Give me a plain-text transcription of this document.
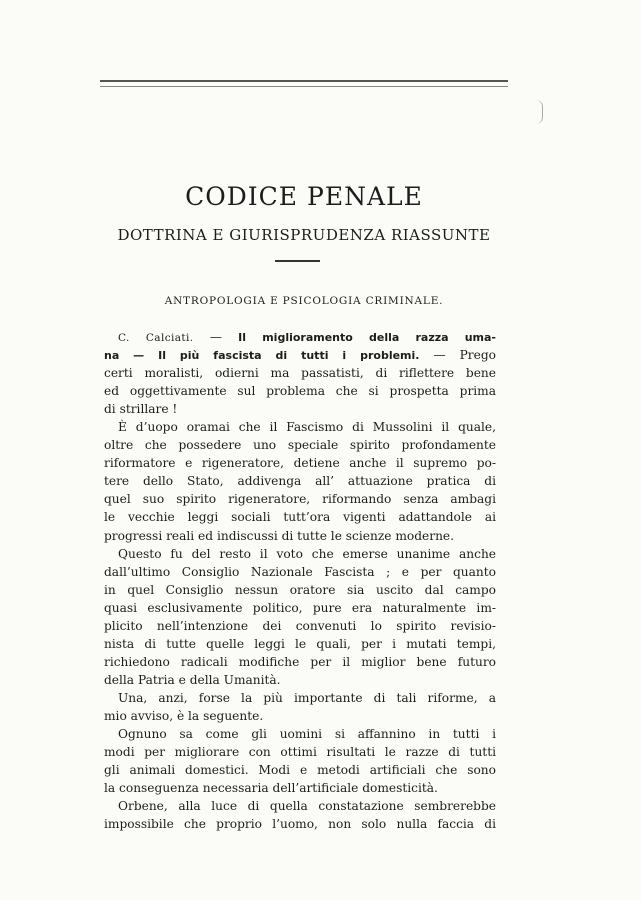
CODICE PENALE
DOTTRINA E GIURISPRUDENZA RIASSUNTE
ANTROPOLOGIA E PSICOLOGIA CRIMINALE.
C. Calciati. — Il miglioramento della razza uma-
na — Il più fascista di tutti i problemi. — Prego
certi moralisti, odierni ma passatisti, di riflettere bene
ed oggettivamente sul problema che si prospetta prima
di strillare !
È d’uopo oramai che il Fascismo di Mussolini il quale,
oltre che possedere uno speciale spirito profondamente
riformatore e rigeneratore, detiene anche il supremo po-
tere dello Stato, addivenga all’ attuazione pratica di
quel suo spirito rigeneratore, riformando senza ambagi
le vecchie leggi sociali tutt’ora vigenti adattandole ai
progressi reali ed indiscussi di tutte le scienze moderne.
Questo fu del resto il voto che emerse unanime anche
dall’ultimo Consiglio Nazionale Fascista ; e per quanto
in quel Consiglio nessun oratore sia uscito dal campo
quasi esclusivamente politico, pure era naturalmente im-
plicito nell’intenzione dei convenuti lo spirito revisio-
nista di tutte quelle leggi le quali, per i mutati tempi,
richiedono radicali modifiche per il miglior bene futuro
della Patria e della Umanità.
Una, anzi, forse la più importante di tali riforme, a
mio avviso, è la seguente.
Ognuno sa come gli uomini si affannino in tutti i
modi per migliorare con ottimi risultati le razze di tutti
gli animali domestici. Modi e metodi artificiali che sono
la conseguenza necessaria dell’artificiale domesticità.
Orbene, alla luce di quella constatazione sembrerebbe
impossibile che proprio l’uomo, non solo nulla faccia di
